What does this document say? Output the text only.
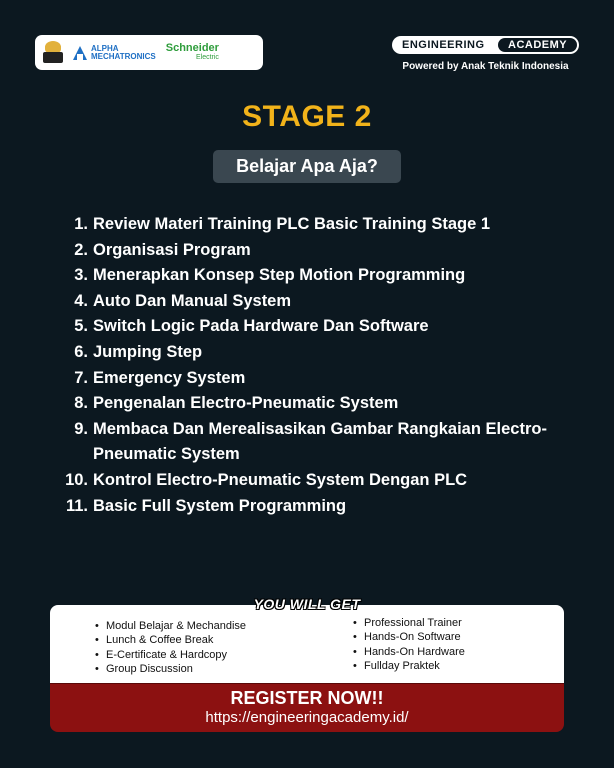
ALPHA
MECHATRONICS
Schneider
Electric
ENGINEERING	ACADEMY
Powered by Anak Teknik Indonesia
STAGE 2
Belajar Apa Aja?
1. Review Materi Training PLC Basic Training Stage 1
2. Organisasi Program
3. Menerapkan Konsep Step Motion Programming
4. Auto Dan Manual System
5. Switch Logic Pada Hardware Dan Software
6. Jumping Step
7. Emergency System
8. Pengenalan Electro-Pneumatic System
9. Membaca Dan Merealisasikan Gambar Rangkaian Electro-Pneumatic System
10. Kontrol Electro-Pneumatic System Dengan PLC
11. Basic Full System Programming
YOU WILL GET
• Modul Belajar & Mechandise
• Lunch & Coffee Break
• E-Certificate & Hardcopy
• Group Discussion
• Professional Trainer
• Hands-On Software
• Hands-On Hardware
• Fullday Praktek
REGISTER NOW!!
https://engineeringacademy.id/
